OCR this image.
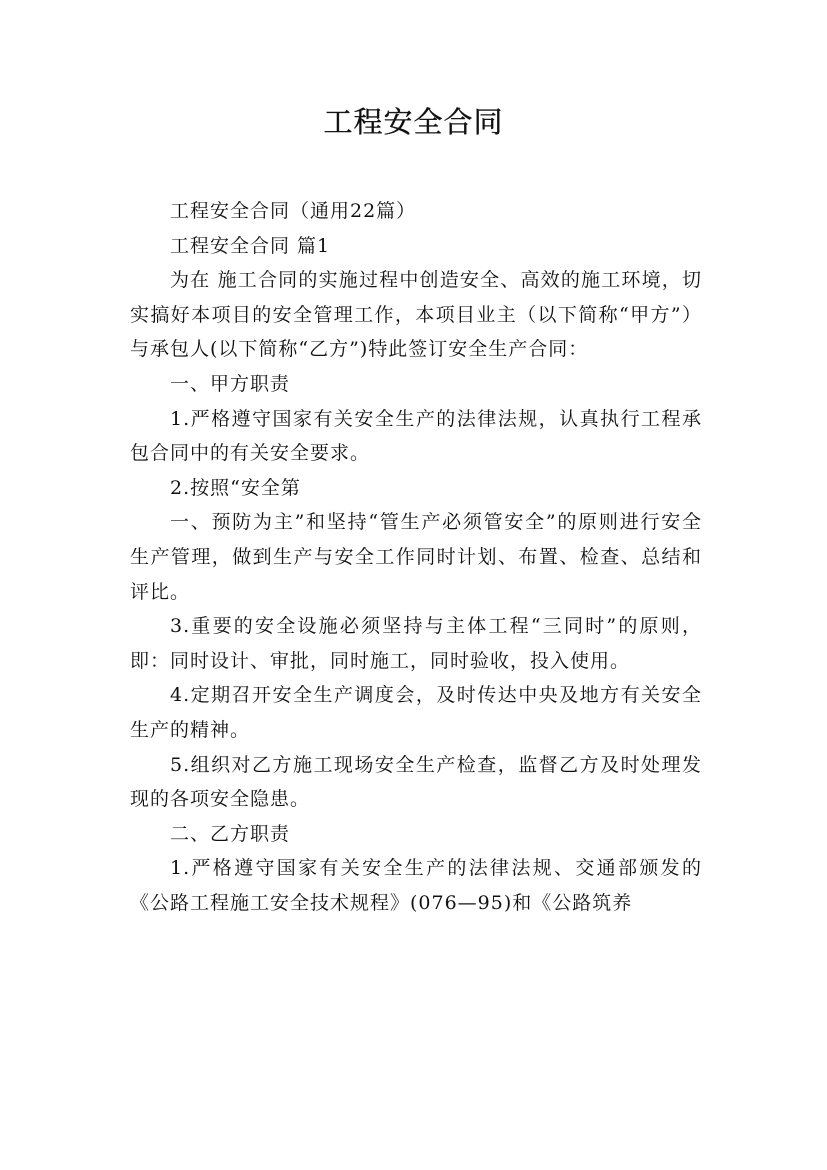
工程安全合同

工程安全合同（通用22篇）

工程安全合同 篇1

为在 施工合同的实施过程中创造安全、高效的施工环境，切实搞好本项目的安全管理工作，本项目业主（以下简称“甲方”）与承包人(以下简称“乙方”)特此签订安全生产合同：

一、甲方职责

1.严格遵守国家有关安全生产的法律法规，认真执行工程承包合同中的有关安全要求。

2.按照“安全第

一、预防为主”和坚持“管生产必须管安全”的原则进行安全生产管理，做到生产与安全工作同时计划、布置、检查、总结和评比。

3.重要的安全设施必须坚持与主体工程“三同时”的原则，即：同时设计、审批，同时施工，同时验收，投入使用。

4.定期召开安全生产调度会，及时传达中央及地方有关安全生产的精神。

5.组织对乙方施工现场安全生产检查，监督乙方及时处理发现的各项安全隐患。

二、乙方职责

1.严格遵守国家有关安全生产的法律法规、交通部颁发的《公路工程施工安全技术规程》(076—95)和《公路筑养
